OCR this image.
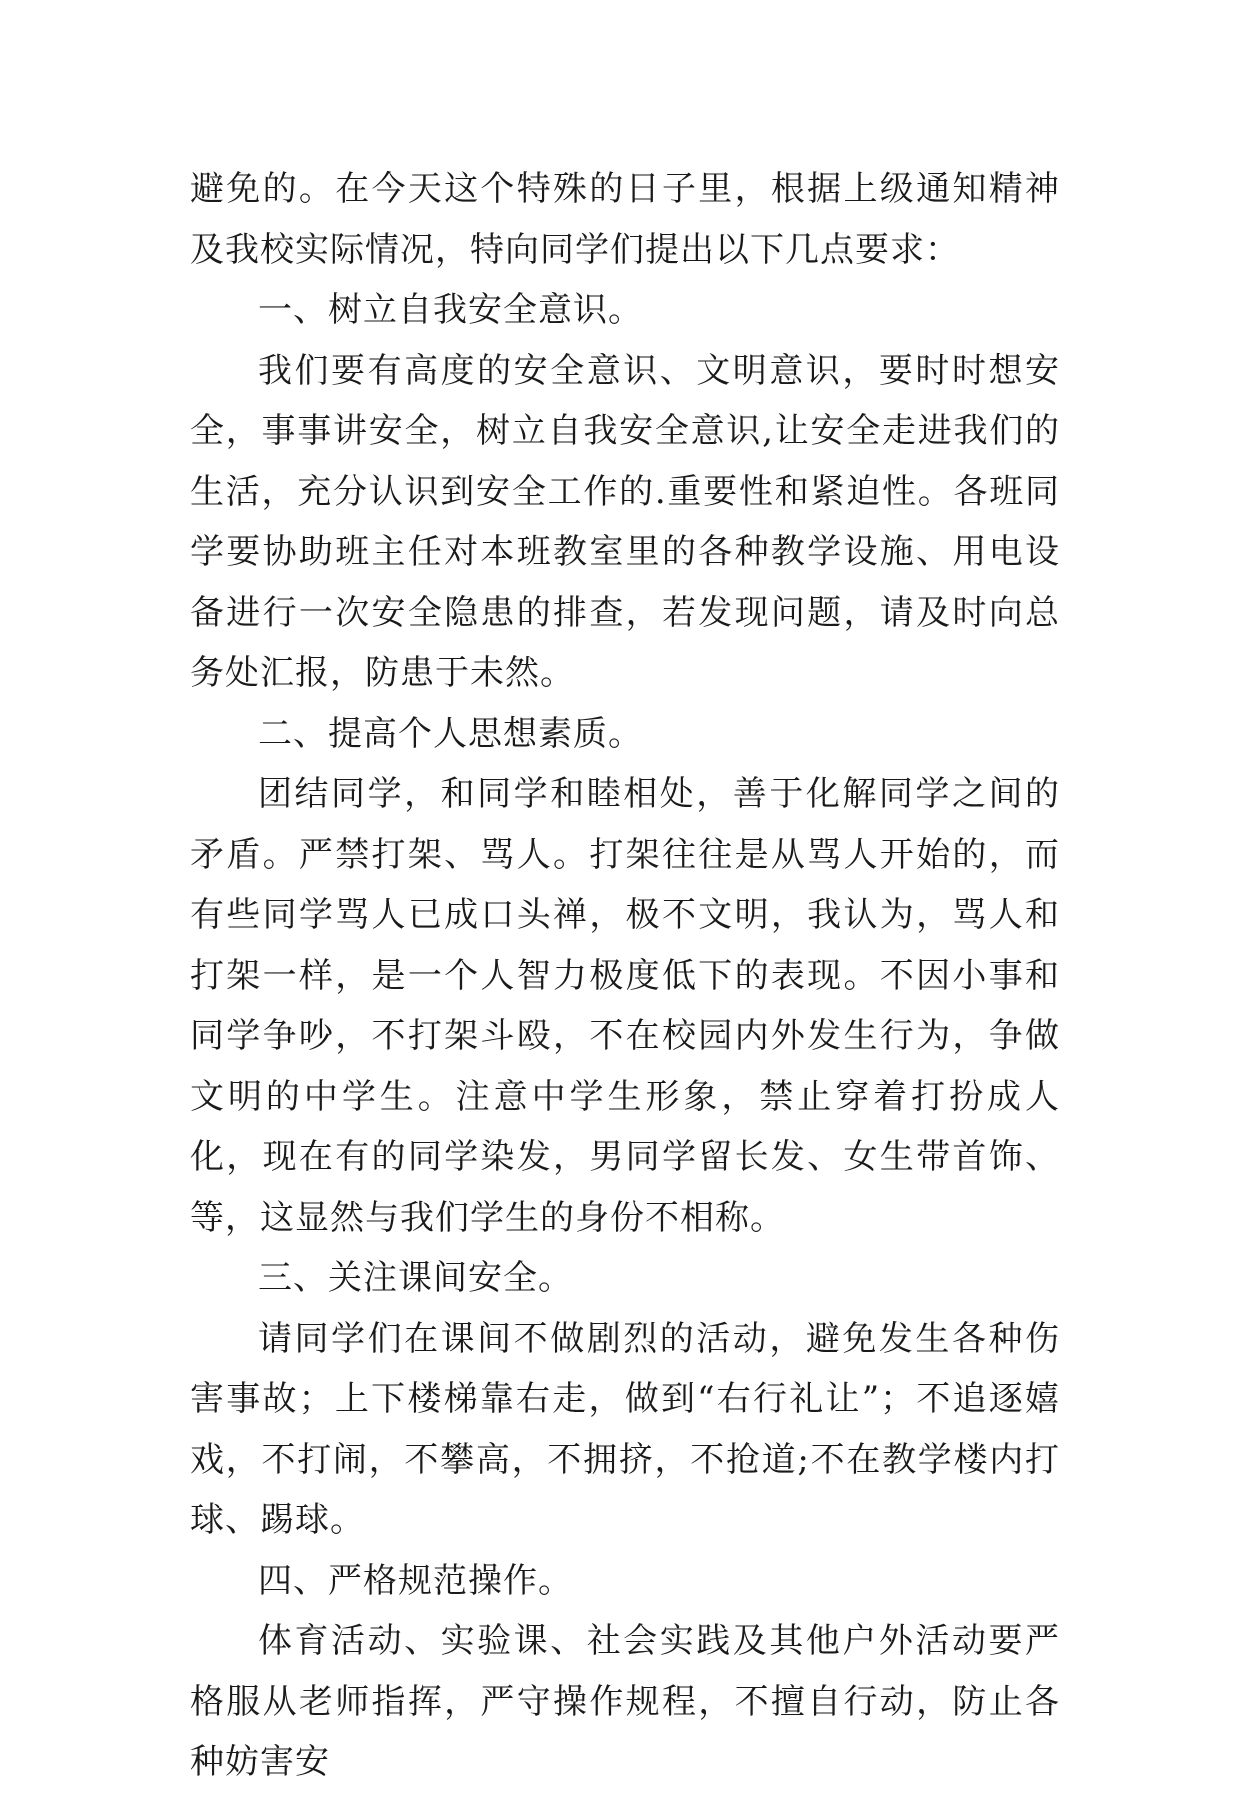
避免的。在今天这个特殊的日子里，根据上级通知精神及我校实际情况，特向同学们提出以下几点要求：

一、树立自我安全意识。

我们要有高度的安全意识、文明意识，要时时想安全，事事讲安全，树立自我安全意识,让安全走进我们的生活，充分认识到安全工作的.重要性和紧迫性。各班同学要协助班主任对本班教室里的各种教学设施、用电设备进行一次安全隐患的排查，若发现问题，请及时向总务处汇报，防患于未然。

二、提高个人思想素质。

团结同学，和同学和睦相处，善于化解同学之间的矛盾。严禁打架、骂人。打架往往是从骂人开始的，而有些同学骂人已成口头禅，极不文明，我认为，骂人和打架一样，是一个人智力极度低下的表现。不因小事和同学争吵，不打架斗殴，不在校园内外发生行为，争做文明的中学生。注意中学生形象，禁止穿着打扮成人化，现在有的同学染发，男同学留长发、女生带首饰、等，这显然与我们学生的身份不相称。

三、关注课间安全。

请同学们在课间不做剧烈的活动，避免发生各种伤害事故；上下楼梯靠右走，做到“右行礼让”；不追逐嬉戏，不打闹，不攀高，不拥挤，不抢道;不在教学楼内打球、踢球。

四、严格规范操作。

体育活动、实验课、社会实践及其他户外活动要严格服从老师指挥，严守操作规程，不擅自行动，防止各种妨害安
